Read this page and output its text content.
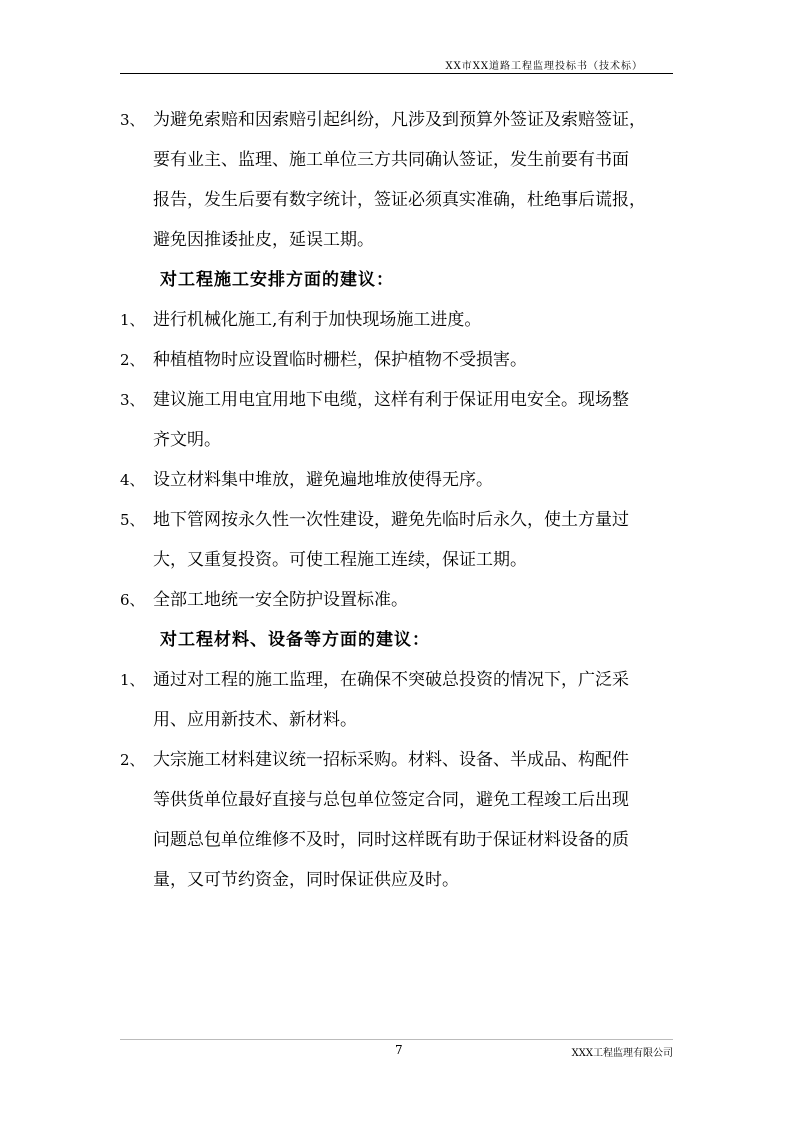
XX市XX道路工程监理投标书（技术标）
3、 为避免索赔和因索赔引起纠纷，凡涉及到预算外签证及索赔签证，
要有业主、监理、施工单位三方共同确认签证，发生前要有书面
报告，发生后要有数字统计，签证必须真实准确，杜绝事后谎报，
避免因推诿扯皮，延误工期。
对工程施工安排方面的建议：
1、 进行机械化施工,有利于加快现场施工进度。
2、 种植植物时应设置临时栅栏，保护植物不受损害。
3、 建议施工用电宜用地下电缆，这样有利于保证用电安全。现场整
齐文明。
4、 设立材料集中堆放，避免遍地堆放使得无序。
5、 地下管网按永久性一次性建设，避免先临时后永久，使土方量过
大，又重复投资。可使工程施工连续，保证工期。
6、 全部工地统一安全防护设置标准。
对工程材料、设备等方面的建议：
1、 通过对工程的施工监理，在确保不突破总投资的情况下，广泛采
用、应用新技术、新材料。
2、 大宗施工材料建议统一招标采购。材料、设备、半成品、构配件
等供货单位最好直接与总包单位签定合同，避免工程竣工后出现
问题总包单位维修不及时，同时这样既有助于保证材料设备的质
量，又可节约资金，同时保证供应及时。
7	XXX工程监理有限公司
